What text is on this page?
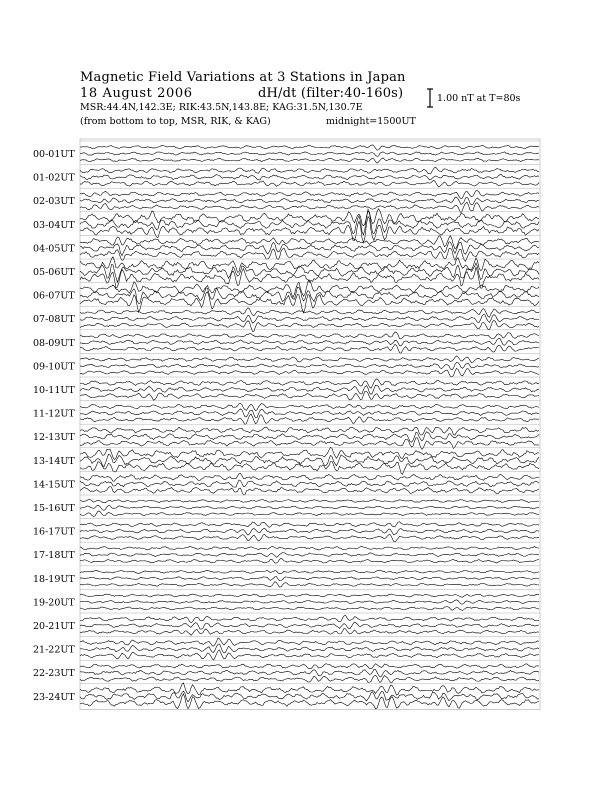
Magnetic Field Variations at 3 Stations in Japan
18 August 2006	dH/dt (filter:40-160s)
MSR:44.4N,142.3E; RIK:43.5N,143.8E; KAG:31.5N,130.7E
(from bottom to top, MSR, RIK, & KAG)	midnight=1500UT
1.00 nT at T=80s
00-01UT
01-02UT
02-03UT
03-04UT
04-05UT
05-06UT
06-07UT
07-08UT
08-09UT
09-10UT
10-11UT
11-12UT
12-13UT
13-14UT
14-15UT
15-16UT
16-17UT
17-18UT
18-19UT
19-20UT
20-21UT
21-22UT
22-23UT
23-24UT
